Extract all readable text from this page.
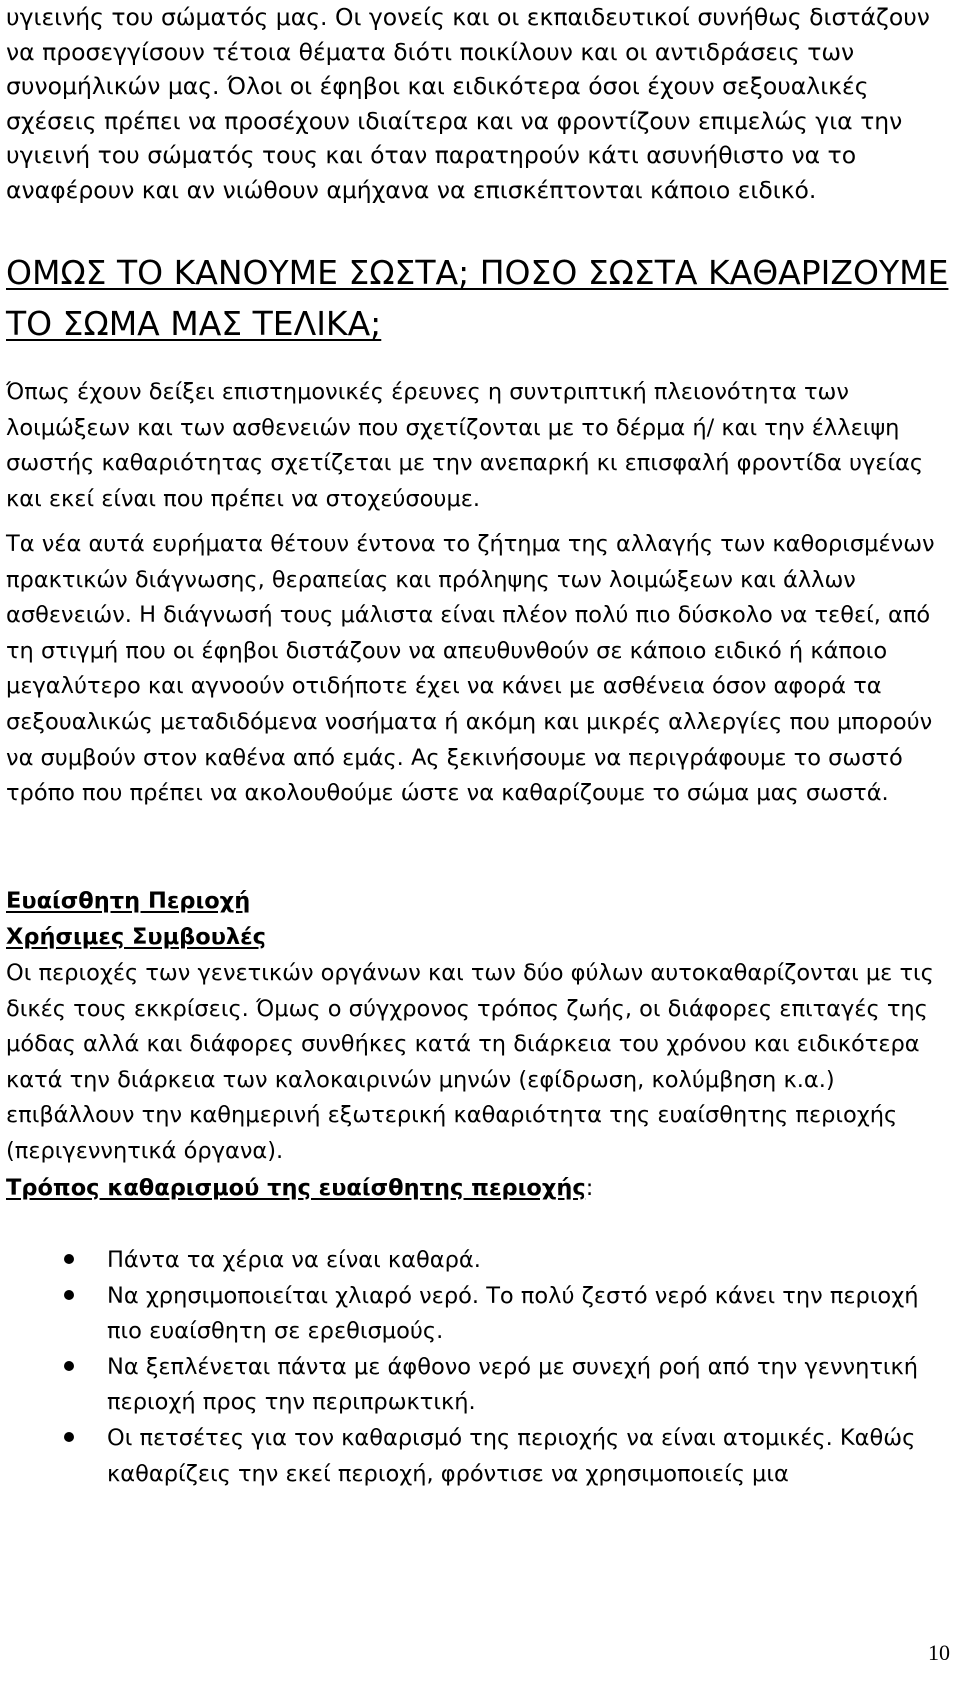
υγιεινής του σώματός μας. Οι γονείς και οι εκπαιδευτικοί συνήθως διστάζουν να προσεγγίσουν τέτοια θέματα διότι ποικίλουν και οι αντιδράσεις των συνομήλικών μας. Όλοι οι έφηβοι και ειδικότερα όσοι έχουν σεξουαλικές σχέσεις πρέπει να προσέχουν ιδιαίτερα και να φροντίζουν επιμελώς για την υγιεινή του σώματός τους και όταν παρατηρούν κάτι ασυνήθιστο να το αναφέρουν και αν νιώθουν αμήχανα να επισκέπτονται κάποιο ειδικό.
ΟΜΩΣ ΤΟ ΚΑΝΟΥΜΕ ΣΩΣΤΑ; ΠΟΣΟ ΣΩΣΤΑ ΚΑΘΑΡΙΖΟΥΜΕ ΤΟ ΣΩΜΑ ΜΑΣ ΤΕΛΙΚΑ;
Όπως έχουν δείξει επιστημονικές έρευνες η συντριπτική πλειονότητα των λοιμώξεων και των ασθενειών που σχετίζονται με το δέρμα ή/ και την έλλειψη σωστής καθαριότητας σχετίζεται με την ανεπαρκή κι επισφαλή φροντίδα υγείας και εκεί είναι που πρέπει να στοχεύσουμε.
Τα νέα αυτά ευρήματα θέτουν έντονα το ζήτημα της αλλαγής των καθορισμένων πρακτικών διάγνωσης, θεραπείας και πρόληψης των λοιμώξεων και άλλων ασθενειών. Η διάγνωσή τους μάλιστα είναι πλέον πολύ πιο δύσκολο να τεθεί, από τη στιγμή που οι έφηβοι διστάζουν να απευθυνθούν σε κάποιο ειδικό ή κάποιο μεγαλύτερο και αγνοούν οτιδήποτε έχει να κάνει με ασθένεια όσον αφορά τα σεξουαλικώς μεταδιδόμενα νοσήματα ή ακόμη και μικρές αλλεργίες που μπορούν να συμβούν στον καθένα από εμάς. Ας ξεκινήσουμε να περιγράφουμε το σωστό τρόπο που πρέπει να ακολουθούμε ώστε να καθαρίζουμε το σώμα μας σωστά.
Ευαίσθητη Περιοχή
Χρήσιμες Συμβουλές
Οι περιοχές των γενετικών οργάνων και των δύο φύλων αυτοκαθαρίζονται με τις δικές τους εκκρίσεις. Όμως ο σύγχρονος τρόπος ζωής, οι διάφορες επιταγές της μόδας αλλά και διάφορες συνθήκες κατά τη διάρκεια του χρόνου και ειδικότερα κατά την διάρκεια των καλοκαιρινών μηνών (εφίδρωση, κολύμβηση κ.α.) επιβάλλουν την καθημερινή εξωτερική καθαριότητα της ευαίσθητης περιοχής (περιγεννητικά όργανα).
Τρόπος καθαρισμού της ευαίσθητης περιοχής:
Πάντα τα χέρια να είναι καθαρά.
Να χρησιμοποιείται χλιαρό νερό. Το πολύ ζεστό νερό κάνει την περιοχή πιο ευαίσθητη σε ερεθισμούς.
Να ξεπλένεται πάντα με άφθονο νερό με συνεχή ροή από την γεννητική περιοχή προς την περιπρωκτική.
Οι πετσέτες για τον καθαρισμό της περιοχής να είναι ατομικές. Καθώς καθαρίζεις την εκεί περιοχή, φρόντισε να χρησιμοποιείς μια
10
